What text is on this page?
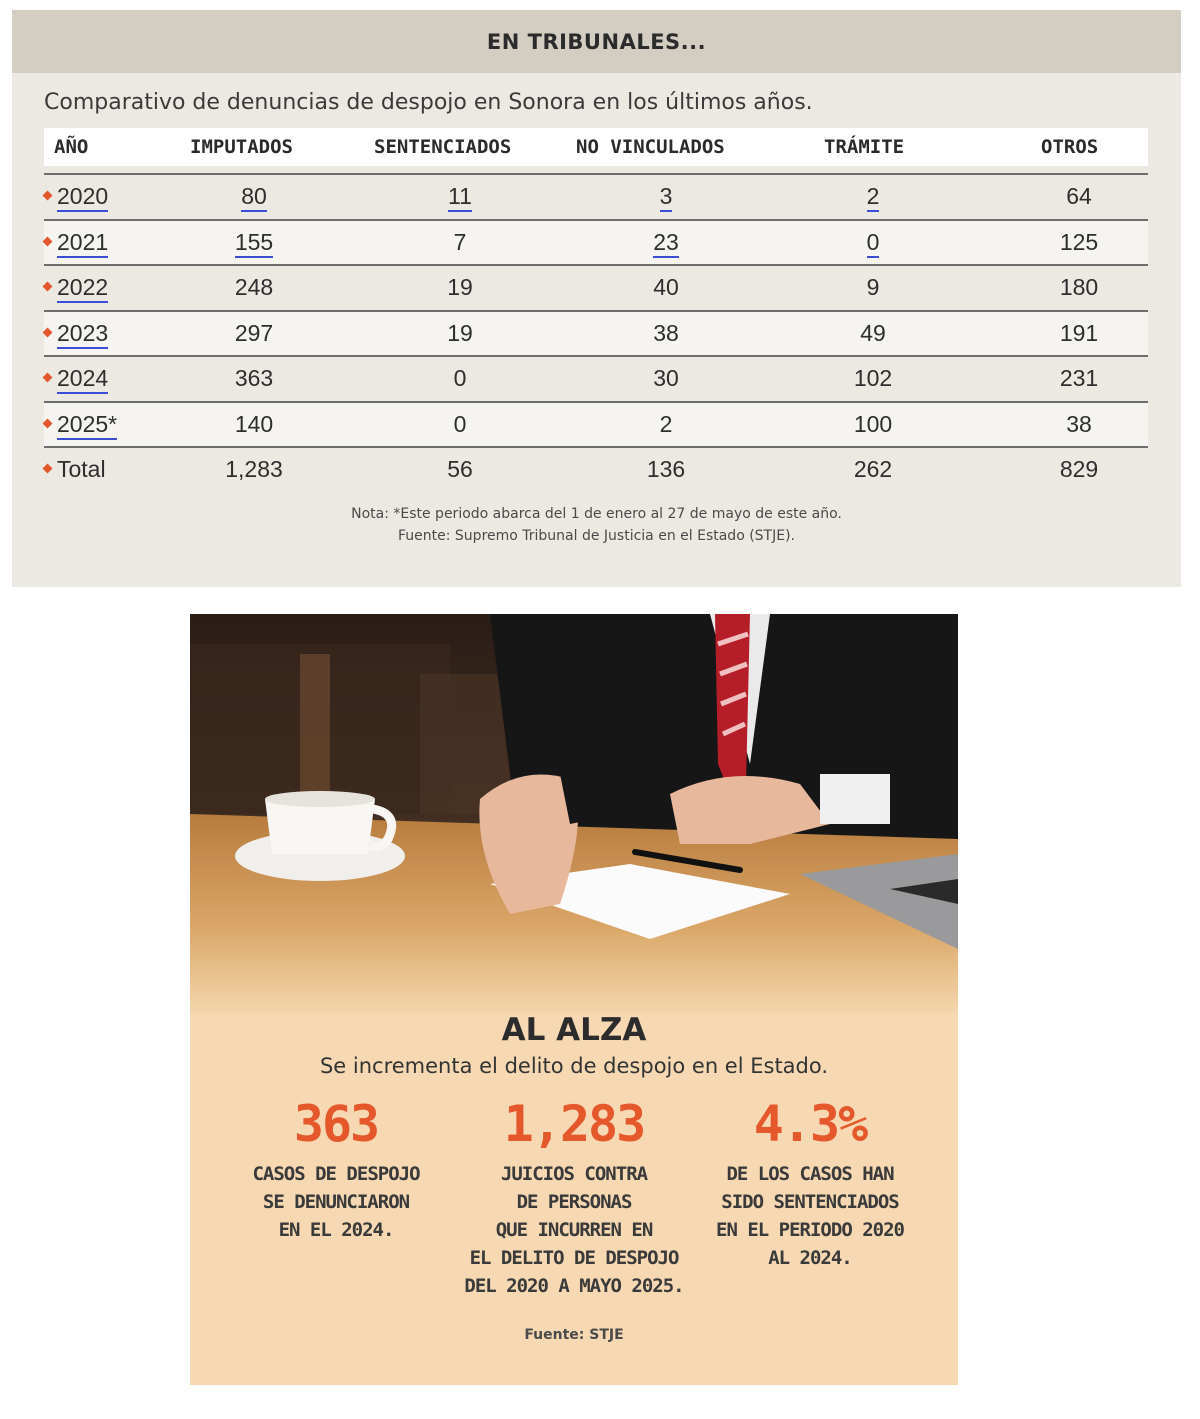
EN TRIBUNALES...
Comparativo de denuncias de despojo en Sonora en los últimos años.
AÑO	IMPUTADOS	SENTENCIADOS	NO VINCULADOS	TRÁMITE	OTROS
2020	80	11	3	2	64
2021	155	7	23	0	125
2022	248	19	40	9	180
2023	297	19	38	49	191
2024	363	0	30	102	231
2025*	140	0	2	100	38
Total	1,283	56	136	262	829
Nota: *Este periodo abarca del 1 de enero al 27 de mayo de este año.
Fuente: Supremo Tribunal de Justicia en el Estado (STJE).
AL ALZA
Se incrementa el delito de despojo en el Estado.
363
CASOS DE DESPOJO
SE DENUNCIARON
EN EL 2024.
1,283
JUICIOS CONTRA
DE PERSONAS
QUE INCURREN EN
EL DELITO DE DESPOJO
DEL 2020 A MAYO 2025.
4.3%
DE LOS CASOS HAN
SIDO SENTENCIADOS
EN EL PERIODO 2020
AL 2024.
Fuente: STJE
